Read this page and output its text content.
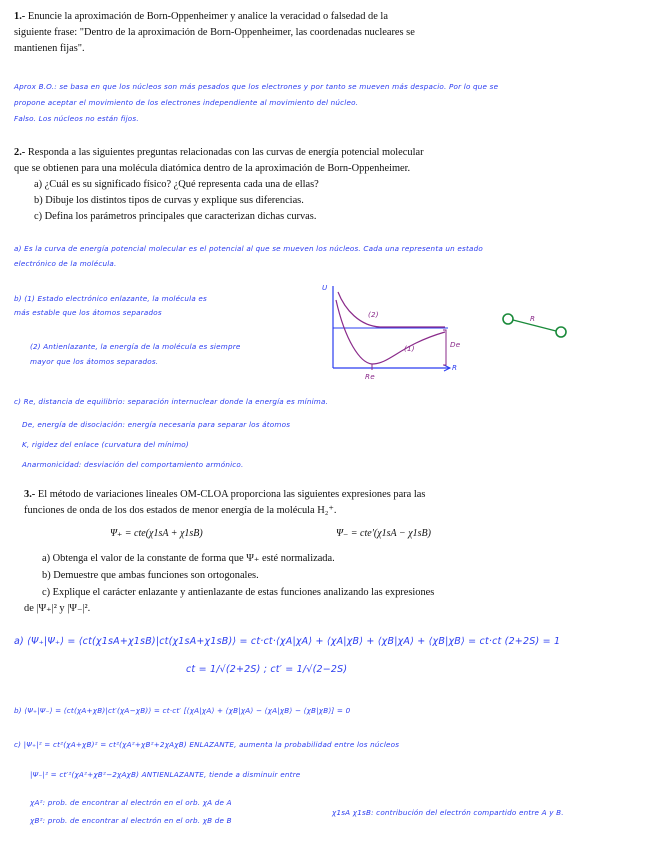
1.- Enuncie la aproximación de Born-Oppenheimer y analice la veracidad o falsedad de la
siguiente frase: "Dentro de la aproximación de Born-Oppenheimer, las coordenadas nucleares se
mantienen fijas".
Aprox B.O.: se basa en que los núcleos son más pesados que los electrones y por tanto se mueven más despacio. Por lo que se
propone aceptar el movimiento de los electrones independiente al movimiento del núcleo.
Falso. Los núcleos no están fijos.
2.- Responda a las siguientes preguntas relacionadas con las curvas de energía potencial molecular
que se obtienen para una molécula diatómica dentro de la aproximación de Born-Oppenheimer.
a) ¿Cuál es su significado físico? ¿Qué representa cada una de ellas?
b) Dibuje los distintos tipos de curvas y explique sus diferencias.
c) Defina los parámetros principales que caracterizan dichas curvas.
a) Es la curva de energía potencial molecular es el potencial al que se mueven los núcleos. Cada una representa un estado
electrónico de la molécula.
b) (1) Estado electrónico enlazante, la molécula es
más estable que los átomos separados
(2) Antienlazante, la energía de la molécula es siempre
mayor que los átomos separados.
c) Re, distancia de equilibrio: separación internuclear donde la energía es mínima.
De, energía de disociación: energía necesaria para separar los átomos
K, rigidez del enlace (curvatura del mínimo)
Anarmonicidad: desviación del comportamiento armónico.
U
R
Re
De
(2)
(1)
R
3.- El método de variaciones lineales OM-CLOA proporciona las siguientes expresiones para las
funciones de onda de los dos estados de menor energía de la molécula H₂⁺.
Ψ₊ = cte(χ1sA + χ1sB)	Ψ₋ = cte′(χ1sA − χ1sB)
a) Obtenga el valor de la constante de forma que Ψ₊ esté normalizada.
b) Demuestre que ambas funciones son ortogonales.
c) Explique el carácter enlazante y antienlazante de estas funciones analizando las expresiones
de |Ψ₊|² y |Ψ₋|².
a) ⟨Ψ₊|Ψ₊⟩ = ⟨ct(χ1sA+χ1sB)|ct(χ1sA+χ1sB)⟩ = ct·ct·⟨χA|χA⟩ + ⟨χA|χB⟩ + ⟨χB|χA⟩ + ⟨χB|χB⟩ = ct·ct (2+2S) = 1
ct = 1/√(2+2S) ; ct′ = 1/√(2−2S)
b) ⟨Ψ₊|Ψ₋⟩ = ⟨ct(χA+χB)|ct′(χA−χB)⟩ = ct·ct′ [⟨χA|χA⟩ + ⟨χB|χA⟩ − ⟨χA|χB⟩ − ⟨χB|χB⟩] = 0
c) |Ψ₊|² = ct²(χA+χB)² = ct²(χA²+χB²+2χAχB) ENLAZANTE, aumenta la probabilidad entre los núcleos
|Ψ₋|² = ct′²(χA²+χB²−2χAχB) ANTIENLAZANTE, tiende a disminuir entre
χA²: prob. de encontrar al electrón en el orb. χA de A
χB²: prob. de encontrar al electrón en el orb. χB de B
χ1sA χ1sB: contribución del electrón compartido entre A y B.
